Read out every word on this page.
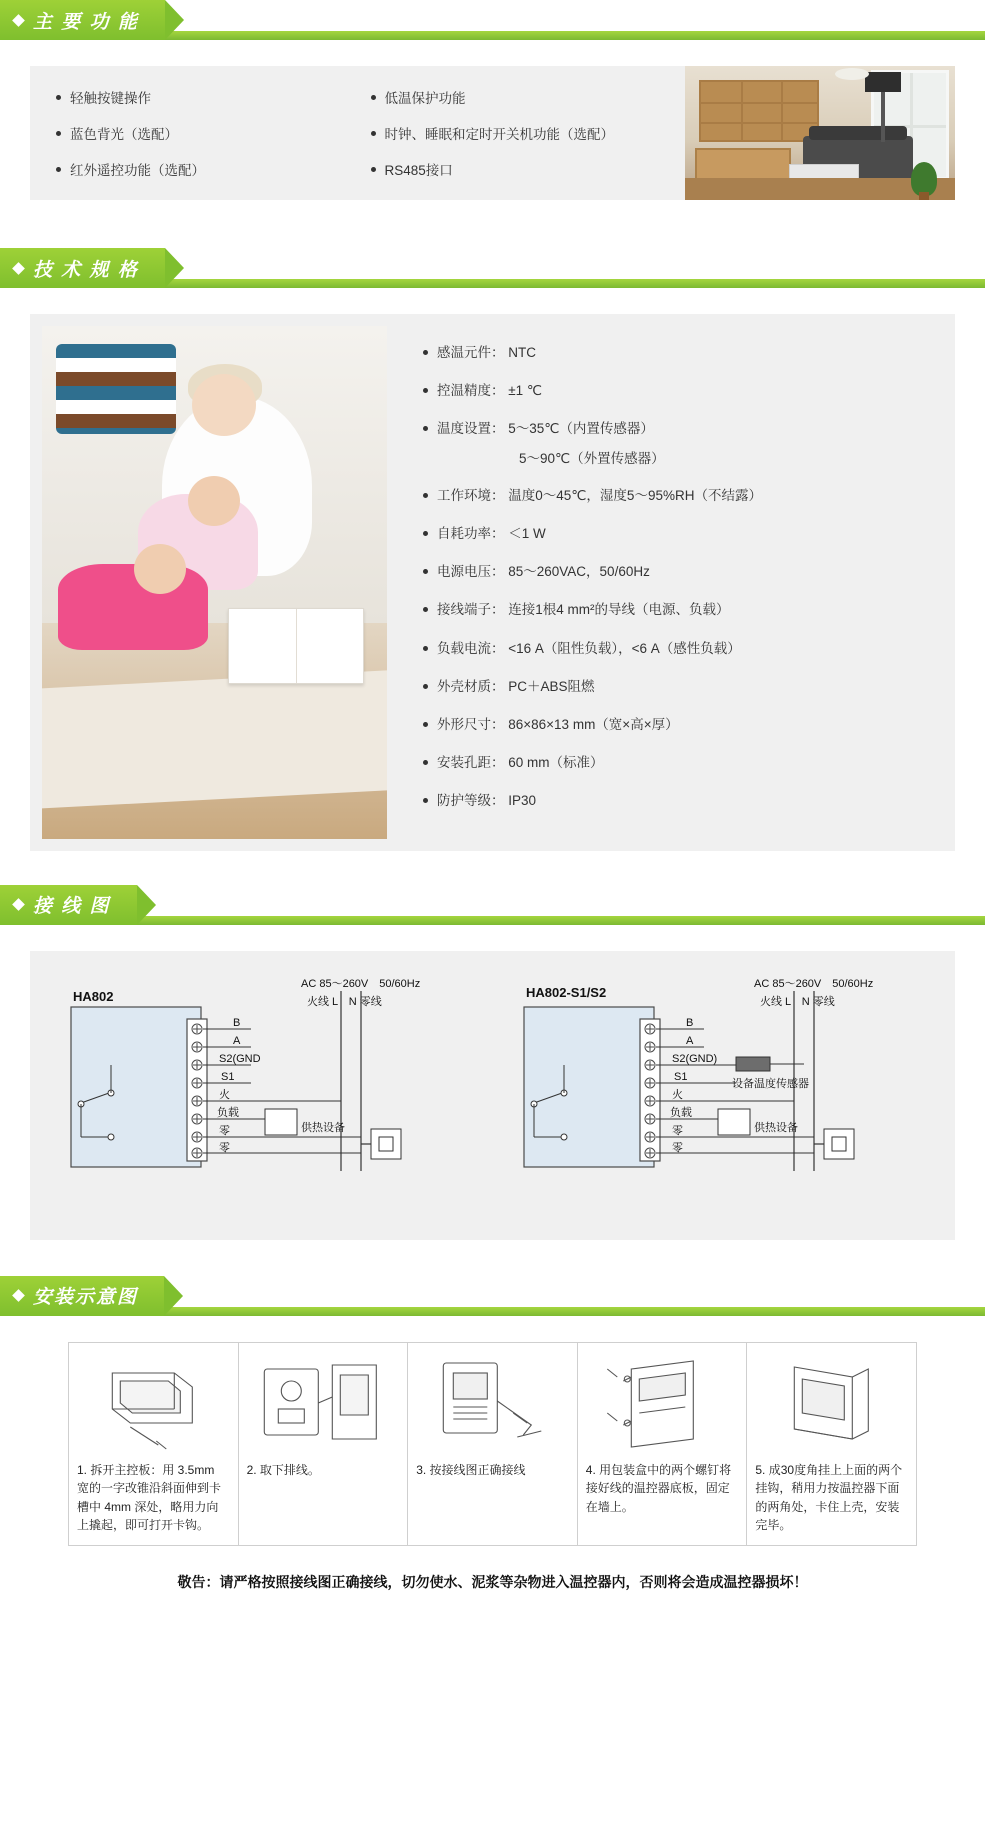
主 要 功 能
轻触按键操作	低温保护功能
蓝色背光（选配）	时钟、睡眠和定时开关机功能（选配）
红外遥控功能（选配）	RS485接口
技 术 规 格
感温元件： NTC
控温精度： ±1 ℃
温度设置： 5～35℃（内置传感器）
5～90℃（外置传感器）
工作环境： 温度0～45℃，湿度5～95%RH（不结露）
自耗功率： ＜1 W
电源电压： 85～260VAC，50/60Hz
接线端子： 连接1根4 mm²的导线（电源、负载）
负载电流： <16 A（阻性负载），<6 A（感性负载）
外壳材质： PC＋ABS阻燃
外形尺寸： 86×86×13 mm（宽×高×厚）
安装孔距： 60 mm（标准）
防护等级： IP30
接 线 图
HA802
B
A
S2(GND
S1
火
负载
零
零
供热设备
AC 85～260V　50/60Hz
火线 L　N 零线
HA802-S1/S2
B
A
S2(GND)
S1
火
负载
零
零
设备温度传感器
供热设备
AC 85～260V　50/60Hz
火线 L　N 零线
安装示意图
1. 拆开主控板：用 3.5mm 宽的一字改锥沿斜面伸到卡槽中 4mm 深处，略用力向上撬起，即可打开卡钩。
2. 取下排线。	3. 按接线图正确接线	4. 用包装盒中的两个螺钉将接好线的温控器底板，固定在墙上。
5. 成30度角挂上上面的两个挂钩，稍用力按温控器下面的两角处，卡住上壳，安装完毕。
敬告：请严格按照接线图正确接线，切勿使水、泥浆等杂物进入温控器内，否则将会造成温控器损坏！
